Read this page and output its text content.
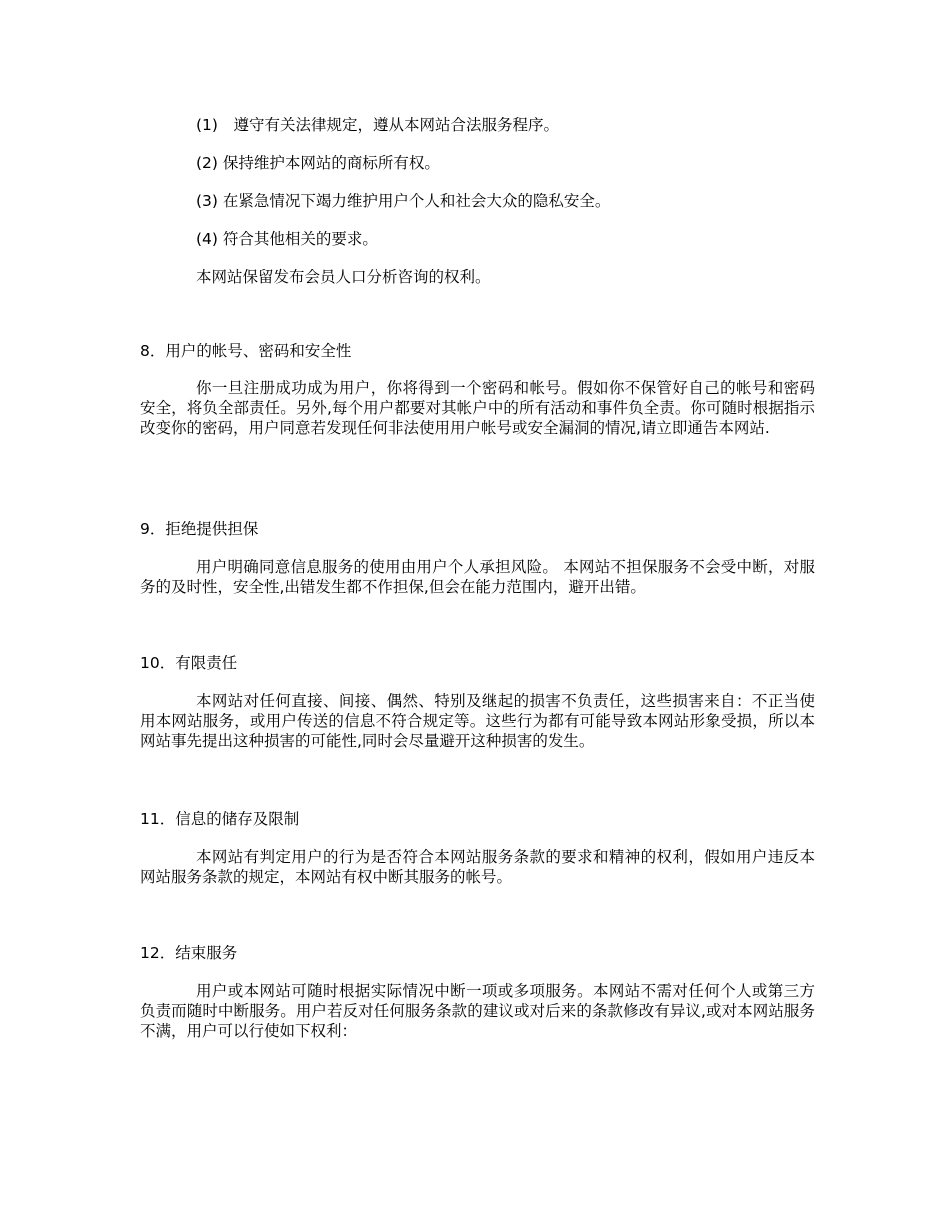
(1)　遵守有关法律规定，遵从本网站合法服务程序。

(2) 保持维护本网站的商标所有权。

(3) 在紧急情况下竭力维护用户个人和社会大众的隐私安全。

(4) 符合其他相关的要求。

本网站保留发布会员人口分析咨询的权利。

8．用户的帐号、密码和安全性

你一旦注册成功成为用户，你将得到一个密码和帐号。假如你不保管好自己的帐号和密码安全，将负全部责任。另外,每个用户都要对其帐户中的所有活动和事件负全责。你可随时根据指示改变你的密码，用户同意若发现任何非法使用用户帐号或安全漏洞的情况,请立即通告本网站.

9．拒绝提供担保

用户明确同意信息服务的使用由用户个人承担风险。 本网站不担保服务不会受中断，对服务的及时性，安全性,出错发生都不作担保,但会在能力范围内，避开出错。

10．有限责任

本网站对任何直接、间接、偶然、特别及继起的损害不负责任，这些损害来自：不正当使用本网站服务，或用户传送的信息不符合规定等。这些行为都有可能导致本网站形象受损，所以本网站事先提出这种损害的可能性,同时会尽量避开这种损害的发生。

11．信息的储存及限制

本网站有判定用户的行为是否符合本网站服务条款的要求和精神的权利，假如用户违反本网站服务条款的规定，本网站有权中断其服务的帐号。

12．结束服务

用户或本网站可随时根据实际情况中断一项或多项服务。本网站不需对任何个人或第三方负责而随时中断服务。用户若反对任何服务条款的建议或对后来的条款修改有异议,或对本网站服务不满，用户可以行使如下权利：
